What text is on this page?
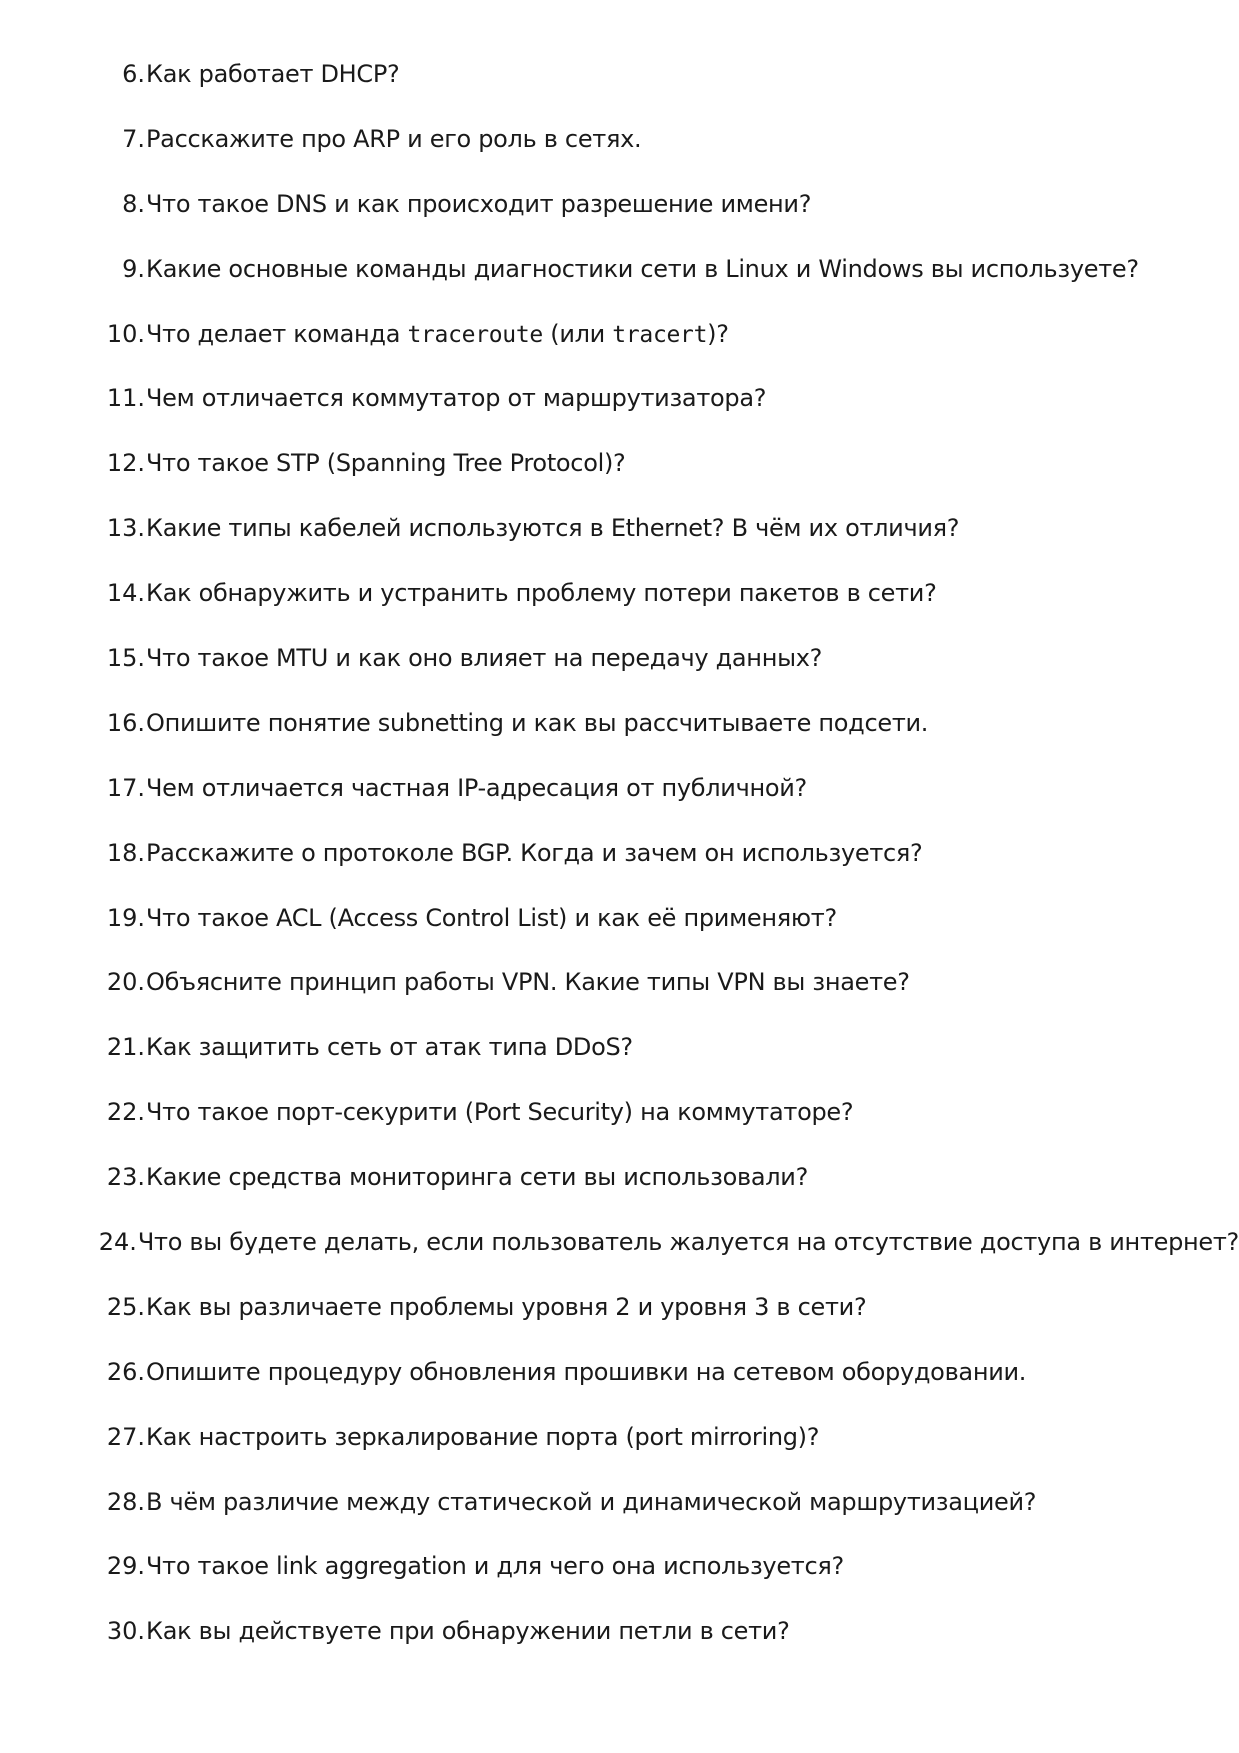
6. Как работает DHCP?
7. Расскажите про ARP и его роль в сетях.
8. Что такое DNS и как происходит разрешение имени?
9. Какие основные команды диагностики сети в Linux и Windows вы используете?
10. Что делает команда traceroute (или tracert)?
11. Чем отличается коммутатор от маршрутизатора?
12. Что такое STP (Spanning Tree Protocol)?
13. Какие типы кабелей используются в Ethernet? В чём их отличия?
14. Как обнаружить и устранить проблему потери пакетов в сети?
15. Что такое MTU и как оно влияет на передачу данных?
16. Опишите понятие subnetting и как вы рассчитываете подсети.
17. Чем отличается частная IP-адресация от публичной?
18. Расскажите о протоколе BGP. Когда и зачем он используется?
19. Что такое ACL (Access Control List) и как её применяют?
20. Объясните принцип работы VPN. Какие типы VPN вы знаете?
21. Как защитить сеть от атак типа DDoS?
22. Что такое порт-секурити (Port Security) на коммутаторе?
23. Какие средства мониторинга сети вы использовали?
24. Что вы будете делать, если пользователь жалуется на отсутствие доступа в интернет?
25. Как вы различаете проблемы уровня 2 и уровня 3 в сети?
26. Опишите процедуру обновления прошивки на сетевом оборудовании.
27. Как настроить зеркалирование порта (port mirroring)?
28. В чём различие между статической и динамической маршрутизацией?
29. Что такое link aggregation и для чего она используется?
30. Как вы действуете при обнаружении петли в сети?
